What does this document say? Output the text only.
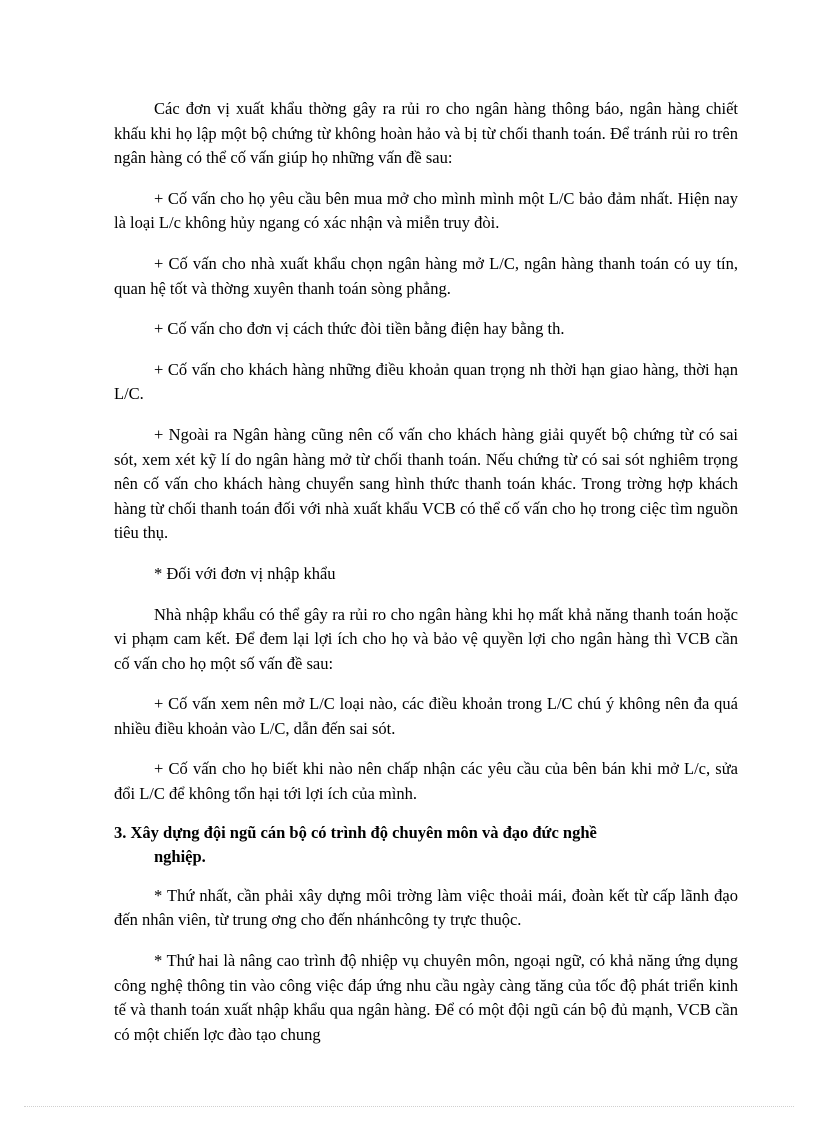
Các đơn vị xuất khẩu thờng gây ra rủi ro cho ngân hàng thông báo, ngân hàng chiết khấu khi họ lập một bộ chứng từ không hoàn hảo và bị từ chối thanh toán. Để tránh rủi ro trên ngân hàng có thể cố vấn giúp họ những vấn đề sau:

+ Cố vấn cho họ yêu cầu bên mua mở cho mình mình một L/C bảo đảm nhất. Hiện nay là loại L/c không hủy ngang có xác nhận và miễn truy đòi.

+ Cố vấn cho nhà xuất khẩu chọn ngân hàng mở L/C, ngân hàng thanh toán có uy tín, quan hệ tốt và thờng xuyên thanh toán sòng phẳng.

+ Cố vấn cho đơn vị cách thức đòi tiền bằng điện hay bằng th.

+ Cố vấn cho khách hàng những điều khoản quan trọng nh thời hạn giao hàng, thời hạn L/C.

+ Ngoài ra Ngân hàng cũng nên cố vấn cho khách hàng giải quyết bộ chứng từ có sai sót, xem xét kỹ lí do ngân hàng mở từ chối thanh toán. Nếu chứng từ có sai sót nghiêm trọng nên cố vấn cho khách hàng chuyển sang hình thức thanh toán khác. Trong trờng hợp khách hàng từ chối thanh toán đối với nhà xuất khẩu VCB có thể cố vấn cho họ trong ciệc tìm nguồn tiêu thụ.

* Đối với đơn vị nhập khẩu

Nhà nhập khẩu có thể gây ra rủi ro cho ngân hàng khi họ mất khả năng thanh toán hoặc vi phạm cam kết. Để đem lại lợi ích cho họ và bảo vệ quyền lợi cho ngân hàng thì VCB cần cố vấn cho họ một số vấn đề sau:

+ Cố vấn xem nên mở L/C loại nào, các điều khoản trong L/C chú ý không nên đa quá nhiều điều khoản vào L/C, dẫn đến sai sót.

+ Cố vấn cho họ biết khi nào nên chấp nhận các yêu cầu của bên bán khi mở L/c, sửa đổi L/C để không tổn hại tới lợi ích của mình.

3. Xây dựng đội ngũ cán bộ có trình độ chuyên môn và đạo đức nghề
nghiệp.

* Thứ nhất, cần phải xây dựng môi trờng làm việc thoải mái, đoàn kết từ cấp lãnh đạo đến nhân viên, từ trung ơng cho đến nhánhcông ty trực thuộc.

* Thứ hai là nâng cao trình độ nhiệp vụ chuyên môn, ngoại ngữ, có khả năng ứng dụng công nghệ thông tin vào công việc đáp ứng nhu cầu ngày càng tăng của tốc độ phát triển kinh tế và thanh toán xuất nhập khẩu qua ngân hàng. Để có một đội ngũ cán bộ đủ mạnh, VCB cần có một chiến lợc đào tạo chung
